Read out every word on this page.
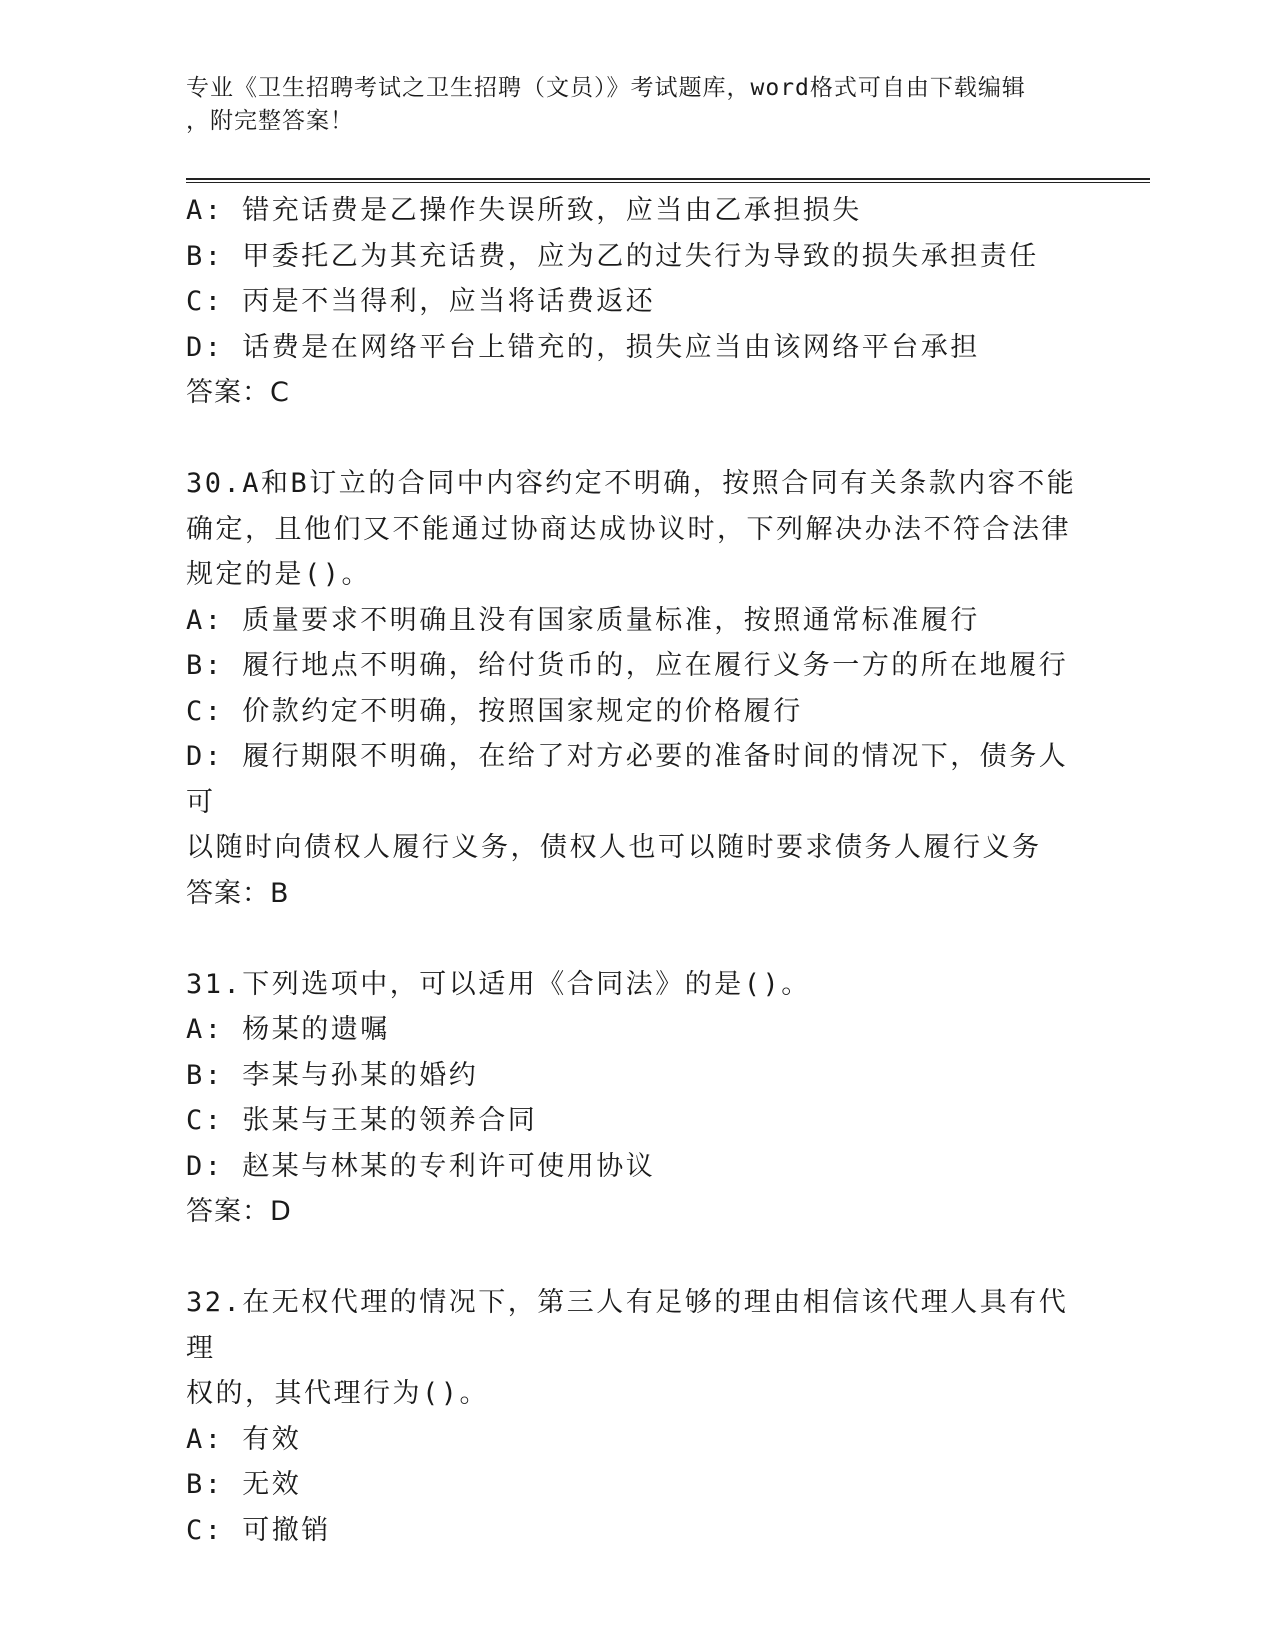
专业《卫生招聘考试之卫生招聘（文员）》考试题库，word格式可自由下载编辑
，附完整答案！
A: 错充话费是乙操作失误所致，应当由乙承担损失
B: 甲委托乙为其充话费，应为乙的过失行为导致的损失承担责任
C: 丙是不当得利，应当将话费返还
D: 话费是在网络平台上错充的，损失应当由该网络平台承担
答案：C
30.A和B订立的合同中内容约定不明确，按照合同有关条款内容不能
确定，且他们又不能通过协商达成协议时，下列解决办法不符合法律
规定的是()。
A: 质量要求不明确且没有国家质量标准，按照通常标准履行
B: 履行地点不明确，给付货币的，应在履行义务一方的所在地履行
C: 价款约定不明确，按照国家规定的价格履行
D: 履行期限不明确，在给了对方必要的准备时间的情况下，债务人可
以随时向债权人履行义务，债权人也可以随时要求债务人履行义务
答案：B
31.下列选项中，可以适用《合同法》的是()。
A: 杨某的遗嘱
B: 李某与孙某的婚约
C: 张某与王某的领养合同
D: 赵某与林某的专利许可使用协议
答案：D
32.在无权代理的情况下，第三人有足够的理由相信该代理人具有代理
权的，其代理行为()。
A: 有效
B: 无效
C: 可撤销
